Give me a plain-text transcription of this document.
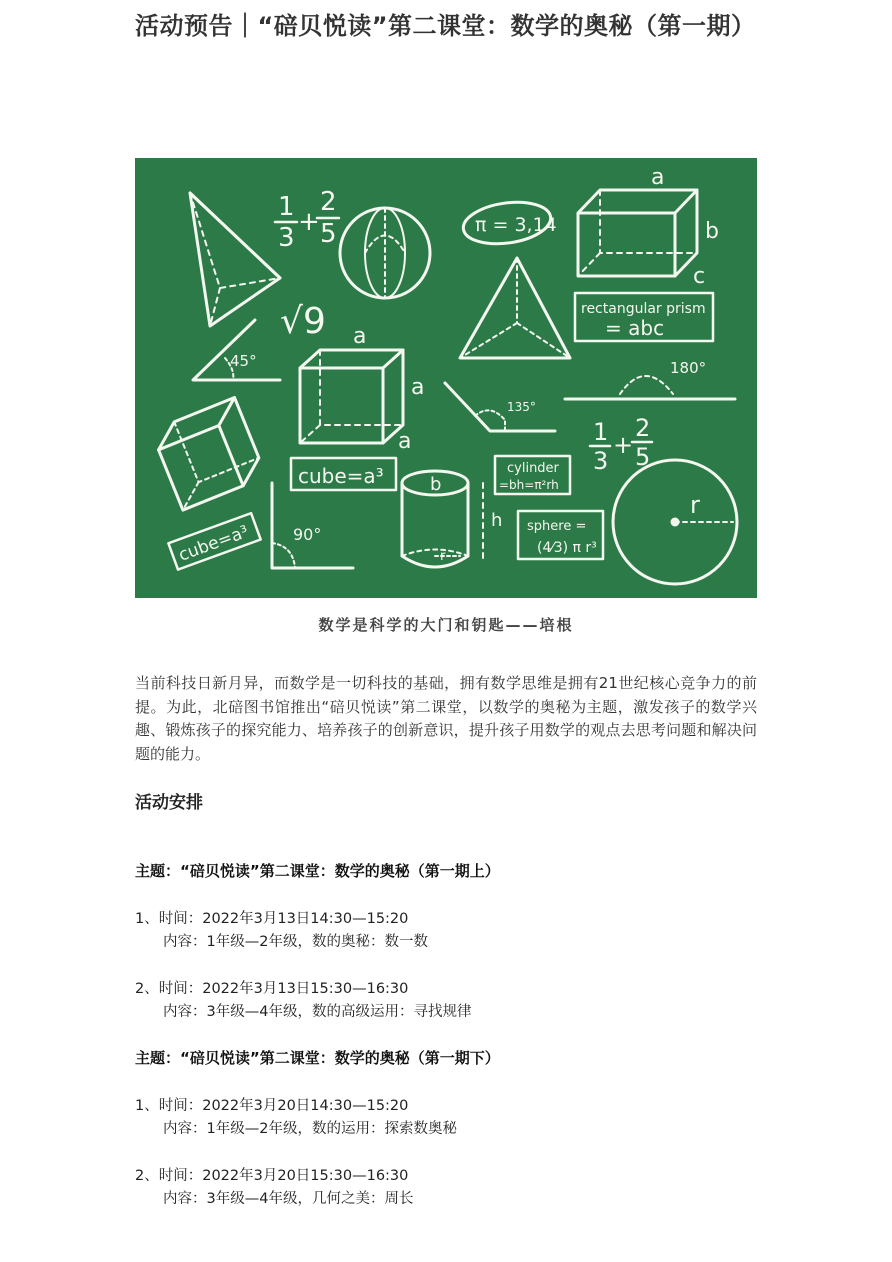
活动预告｜“碚贝悦读”第二课堂：数学的奥秘（第一期）
1
3
+
2
5	π = 3,14
a
b
c
√9	rectangular prism
= abc
45°
a
a
a
135°
180°
cube=a³
cube=a³	90°
b
h
r
cylinder
=bh=π²rh
1
3
+
2
5
sphere =
(4⁄3) π r³
r
数学是科学的大门和钥匙——培根

当前科技日新月异，而数学是一切科技的基础，拥有数学思维是拥有21世纪核心竞争力的前提。为此，北碚图书馆推出“碚贝悦读”第二课堂，以数学的奥秘为主题，激发孩子的数学兴趣、锻炼孩子的探究能力、培养孩子的创新意识，提升孩子用数学的观点去思考问题和解决问题的能力。

活动安排
主题：“碚贝悦读”第二课堂：数学的奥秘（第一期上）
1、时间：2022年3月13日14:30—15:20
内容：1年级—2年级，数的奥秘：数一数
2、时间：2022年3月13日15:30—16:30
内容：3年级—4年级，数的高级运用：寻找规律
主题：“碚贝悦读”第二课堂：数学的奥秘（第一期下）
1、时间：2022年3月20日14:30—15:20
内容：1年级—2年级，数的运用：探索数奥秘
2、时间：2022年3月20日15:30—16:30
内容：3年级—4年级，几何之美：周长
